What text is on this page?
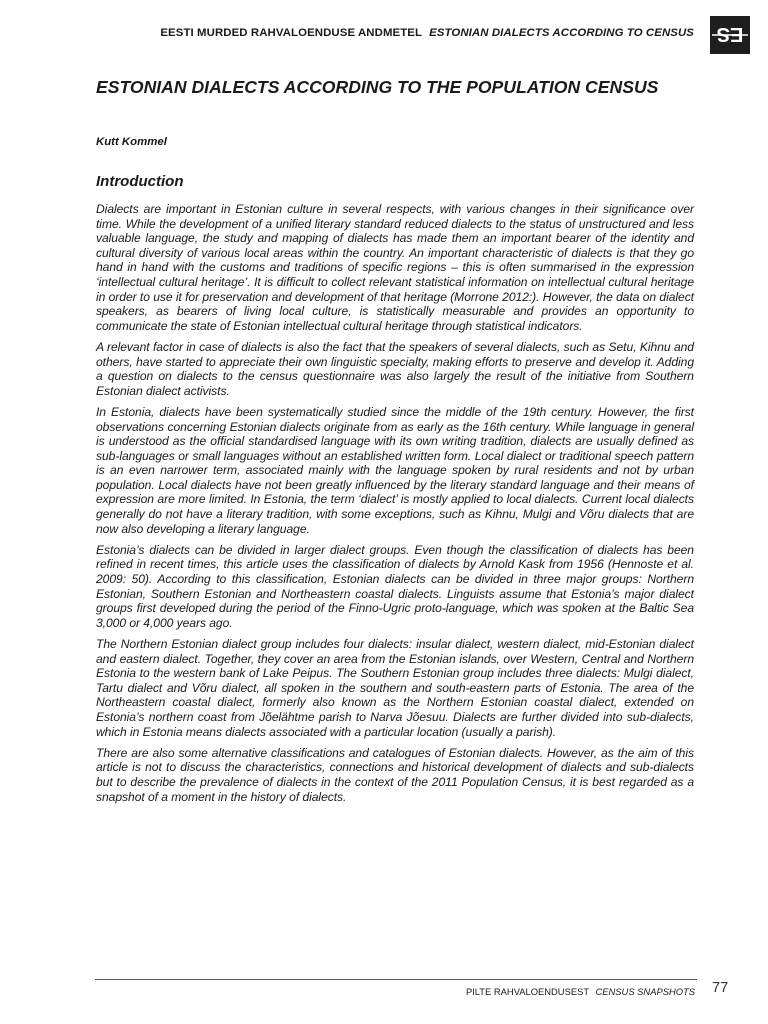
EESTI MURDED RAHVALOENDUSE ANDMETEL ESTONIAN DIALECTS ACCORDING TO CENSUS ES
ESTONIAN DIALECTS ACCORDING TO THE POPULATION CENSUS
Kutt Kommel
Introduction

Dialects are important in Estonian culture in several respects, with various changes in their significance over time. While the development of a unified literary standard reduced dialects to the status of unstructured and less valuable language, the study and mapping of dialects has made them an important bearer of the identity and cultural diversity of various local areas within the country. An important characteristic of dialects is that they go hand in hand with the customs and traditions of specific regions – this is often summarised in the expression ‘intellectual cultural heritage’. It is difficult to collect relevant statistical information on intellectual cultural heritage in order to use it for preservation and development of that heritage (Morrone 2012:). However, the data on dialect speakers, as bearers of living local culture, is statistically measurable and provides an opportunity to communicate the state of Estonian intellectual cultural heritage through statistical indicators.

A relevant factor in case of dialects is also the fact that the speakers of several dialects, such as Setu, Kihnu and others, have started to appreciate their own linguistic specialty, making efforts to preserve and develop it. Adding a question on dialects to the census questionnaire was also largely the result of the initiative from Southern Estonian dialect activists.

In Estonia, dialects have been systematically studied since the middle of the 19th century. However, the first observations concerning Estonian dialects originate from as early as the 16th century. While language in general is understood as the official standardised language with its own writing tradition, dialects are usually defined as sub-languages or small languages without an established written form. Local dialect or traditional speech pattern is an even narrower term, associated mainly with the language spoken by rural residents and not by urban population. Local dialects have not been greatly influenced by the literary standard language and their means of expression are more limited. In Estonia, the term ‘dialect’ is mostly applied to local dialects. Current local dialects generally do not have a literary tradition, with some exceptions, such as Kihnu, Mulgi and Võru dialects that are now also developing a literary language.

Estonia’s dialects can be divided in larger dialect groups. Even though the classification of dialects has been refined in recent times, this article uses the classification of dialects by Arnold Kask from 1956 (Hennoste et al. 2009: 50). According to this classification, Estonian dialects can be divided in three major groups: Northern Estonian, Southern Estonian and Northeastern coastal dialects. Linguists assume that Estonia’s major dialect groups first developed during the period of the Finno-Ugric proto-language, which was spoken at the Baltic Sea 3,000 or 4,000 years ago.

The Northern Estonian dialect group includes four dialects: insular dialect, western dialect, mid-Estonian dialect and eastern dialect. Together, they cover an area from the Estonian islands, over Western, Central and Northern Estonia to the western bank of Lake Peipus. The Southern Estonian group includes three dialects: Mulgi dialect, Tartu dialect and Võru dialect, all spoken in the southern and south-eastern parts of Estonia. The area of the Northeastern coastal dialect, formerly also known as the Northern Estonian coastal dialect, extended on Estonia’s northern coast from Jõelähtme parish to Narva Jõesuu. Dialects are further divided into sub-dialects, which in Estonia means dialects associated with a particular location (usually a parish).

There are also some alternative classifications and catalogues of Estonian dialects. However, as the aim of this article is not to discuss the characteristics, connections and historical development of dialects and sub-dialects but to describe the prevalence of dialects in the context of the 2011 Population Census, it is best regarded as a snapshot of a moment in the history of dialects.

PILTE RAHVALOENDUSEST CENSUS SNAPSHOTS 77
